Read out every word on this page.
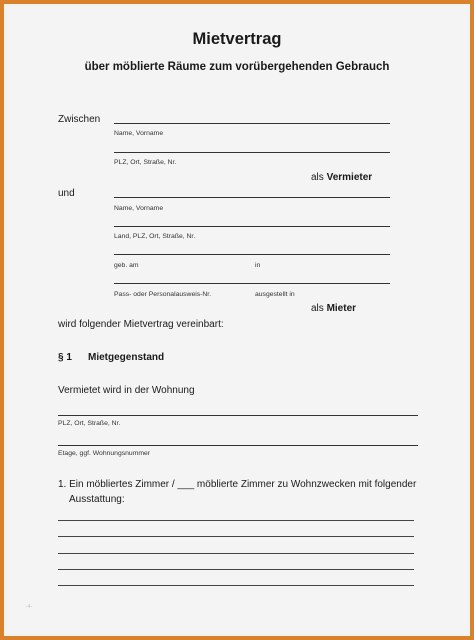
Mietvertrag
über möblierte Räume zum vorübergehenden Gebrauch
Zwischen
Name, Vorname
PLZ, Ort, Straße, Nr.
als Vermieter
und
Name, Vorname
Land, PLZ, Ort, Straße, Nr.
geb. am	in
Pass- oder Personalausweis-Nr.	ausgestellt in
als Mieter
wird folgender Mietvertrag vereinbart:
§ 1 Mietgegenstand
Vermietet wird in der Wohnung
PLZ, Ort, Straße, Nr.
Etage, ggf. Wohnungsnummer
1. Ein möbliertes Zimmer / ___ möblierte Zimmer zu Wohnzwecken mit folgender
Ausstattung:
-4-
